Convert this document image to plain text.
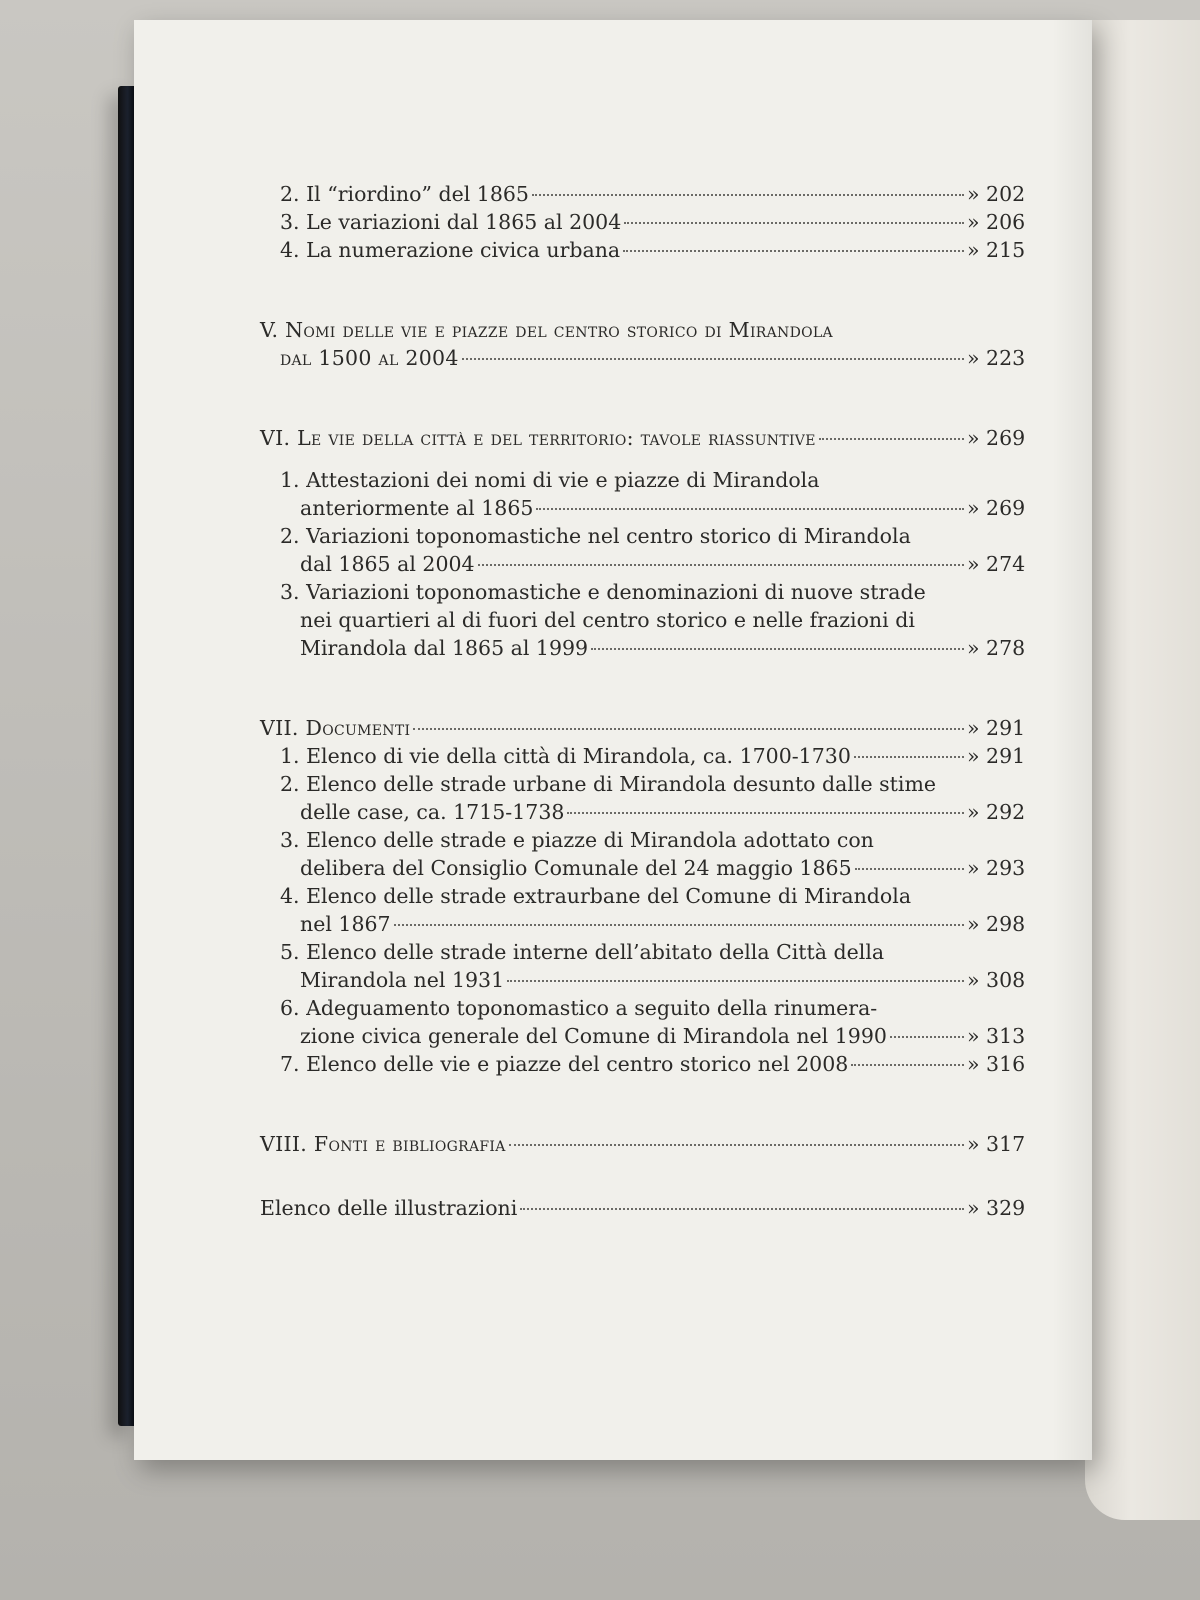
2. Il “riordino” del 1865	» 202
3. Le variazioni dal 1865 al 2004	» 206
4. La numerazione civica urbana	» 215
V. Nomi delle vie e piazze del centro storico di Mirandola
dal 1500 al 2004	» 223
VI. Le vie della città e del territorio: tavole riassuntive	» 269
1. Attestazioni dei nomi di vie e piazze di Mirandola
anteriormente al 1865	» 269
2. Variazioni toponomastiche nel centro storico di Mirandola
dal 1865 al 2004	» 274
3. Variazioni toponomastiche e denominazioni di nuove strade
nei quartieri al di fuori del centro storico e nelle frazioni di
Mirandola dal 1865 al 1999	» 278
VII. Documenti	» 291
1. Elenco di vie della città di Mirandola, ca. 1700-1730	» 291
2. Elenco delle strade urbane di Mirandola desunto dalle stime
delle case, ca. 1715-1738	» 292
3. Elenco delle strade e piazze di Mirandola adottato con
delibera del Consiglio Comunale del 24 maggio 1865	» 293
4. Elenco delle strade extraurbane del Comune di Mirandola
nel 1867	» 298
5. Elenco delle strade interne dell’abitato della Città della
Mirandola nel 1931	» 308
6. Adeguamento toponomastico a seguito della rinumera-
zione civica generale del Comune di Mirandola nel 1990	» 313
7. Elenco delle vie e piazze del centro storico nel 2008	» 316
VIII. Fonti e bibliografia	» 317
Elenco delle illustrazioni	» 329
